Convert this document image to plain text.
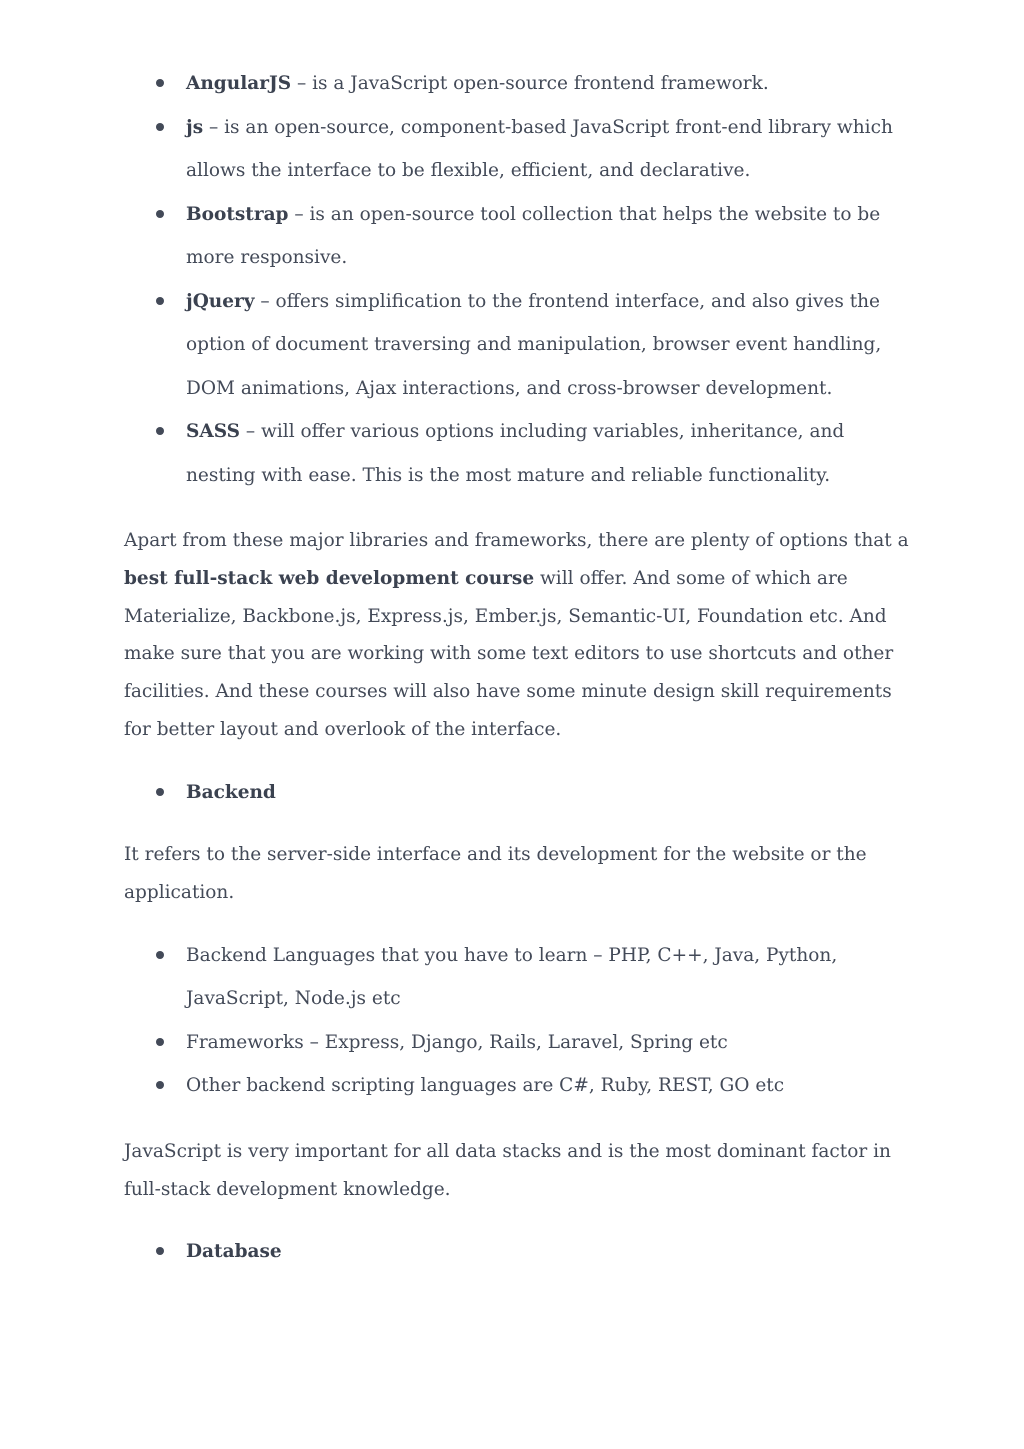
AngularJS – is a JavaScript open-source frontend framework.
js – is an open-source, component-based JavaScript front-end library which allows the interface to be flexible, efficient, and declarative.
Bootstrap – is an open-source tool collection that helps the website to be more responsive.
jQuery – offers simplification to the frontend interface, and also gives the option of document traversing and manipulation, browser event handling, DOM animations, Ajax interactions, and cross-browser development.
SASS – will offer various options including variables, inheritance, and nesting with ease. This is the most mature and reliable functionality.

Apart from these major libraries and frameworks, there are plenty of options that a best full-stack web development course will offer. And some of which are Materialize, Backbone.js, Express.js, Ember.js, Semantic-UI, Foundation etc. And make sure that you are working with some text editors to use shortcuts and other facilities. And these courses will also have some minute design skill requirements for better layout and overlook of the interface.

Backend

It refers to the server-side interface and its development for the website or the application.

Backend Languages that you have to learn – PHP, C++, Java, Python, JavaScript, Node.js etc
Frameworks – Express, Django, Rails, Laravel, Spring etc
Other backend scripting languages are C#, Ruby, REST, GO etc

JavaScript is very important for all data stacks and is the most dominant factor in full-stack development knowledge.

Database
